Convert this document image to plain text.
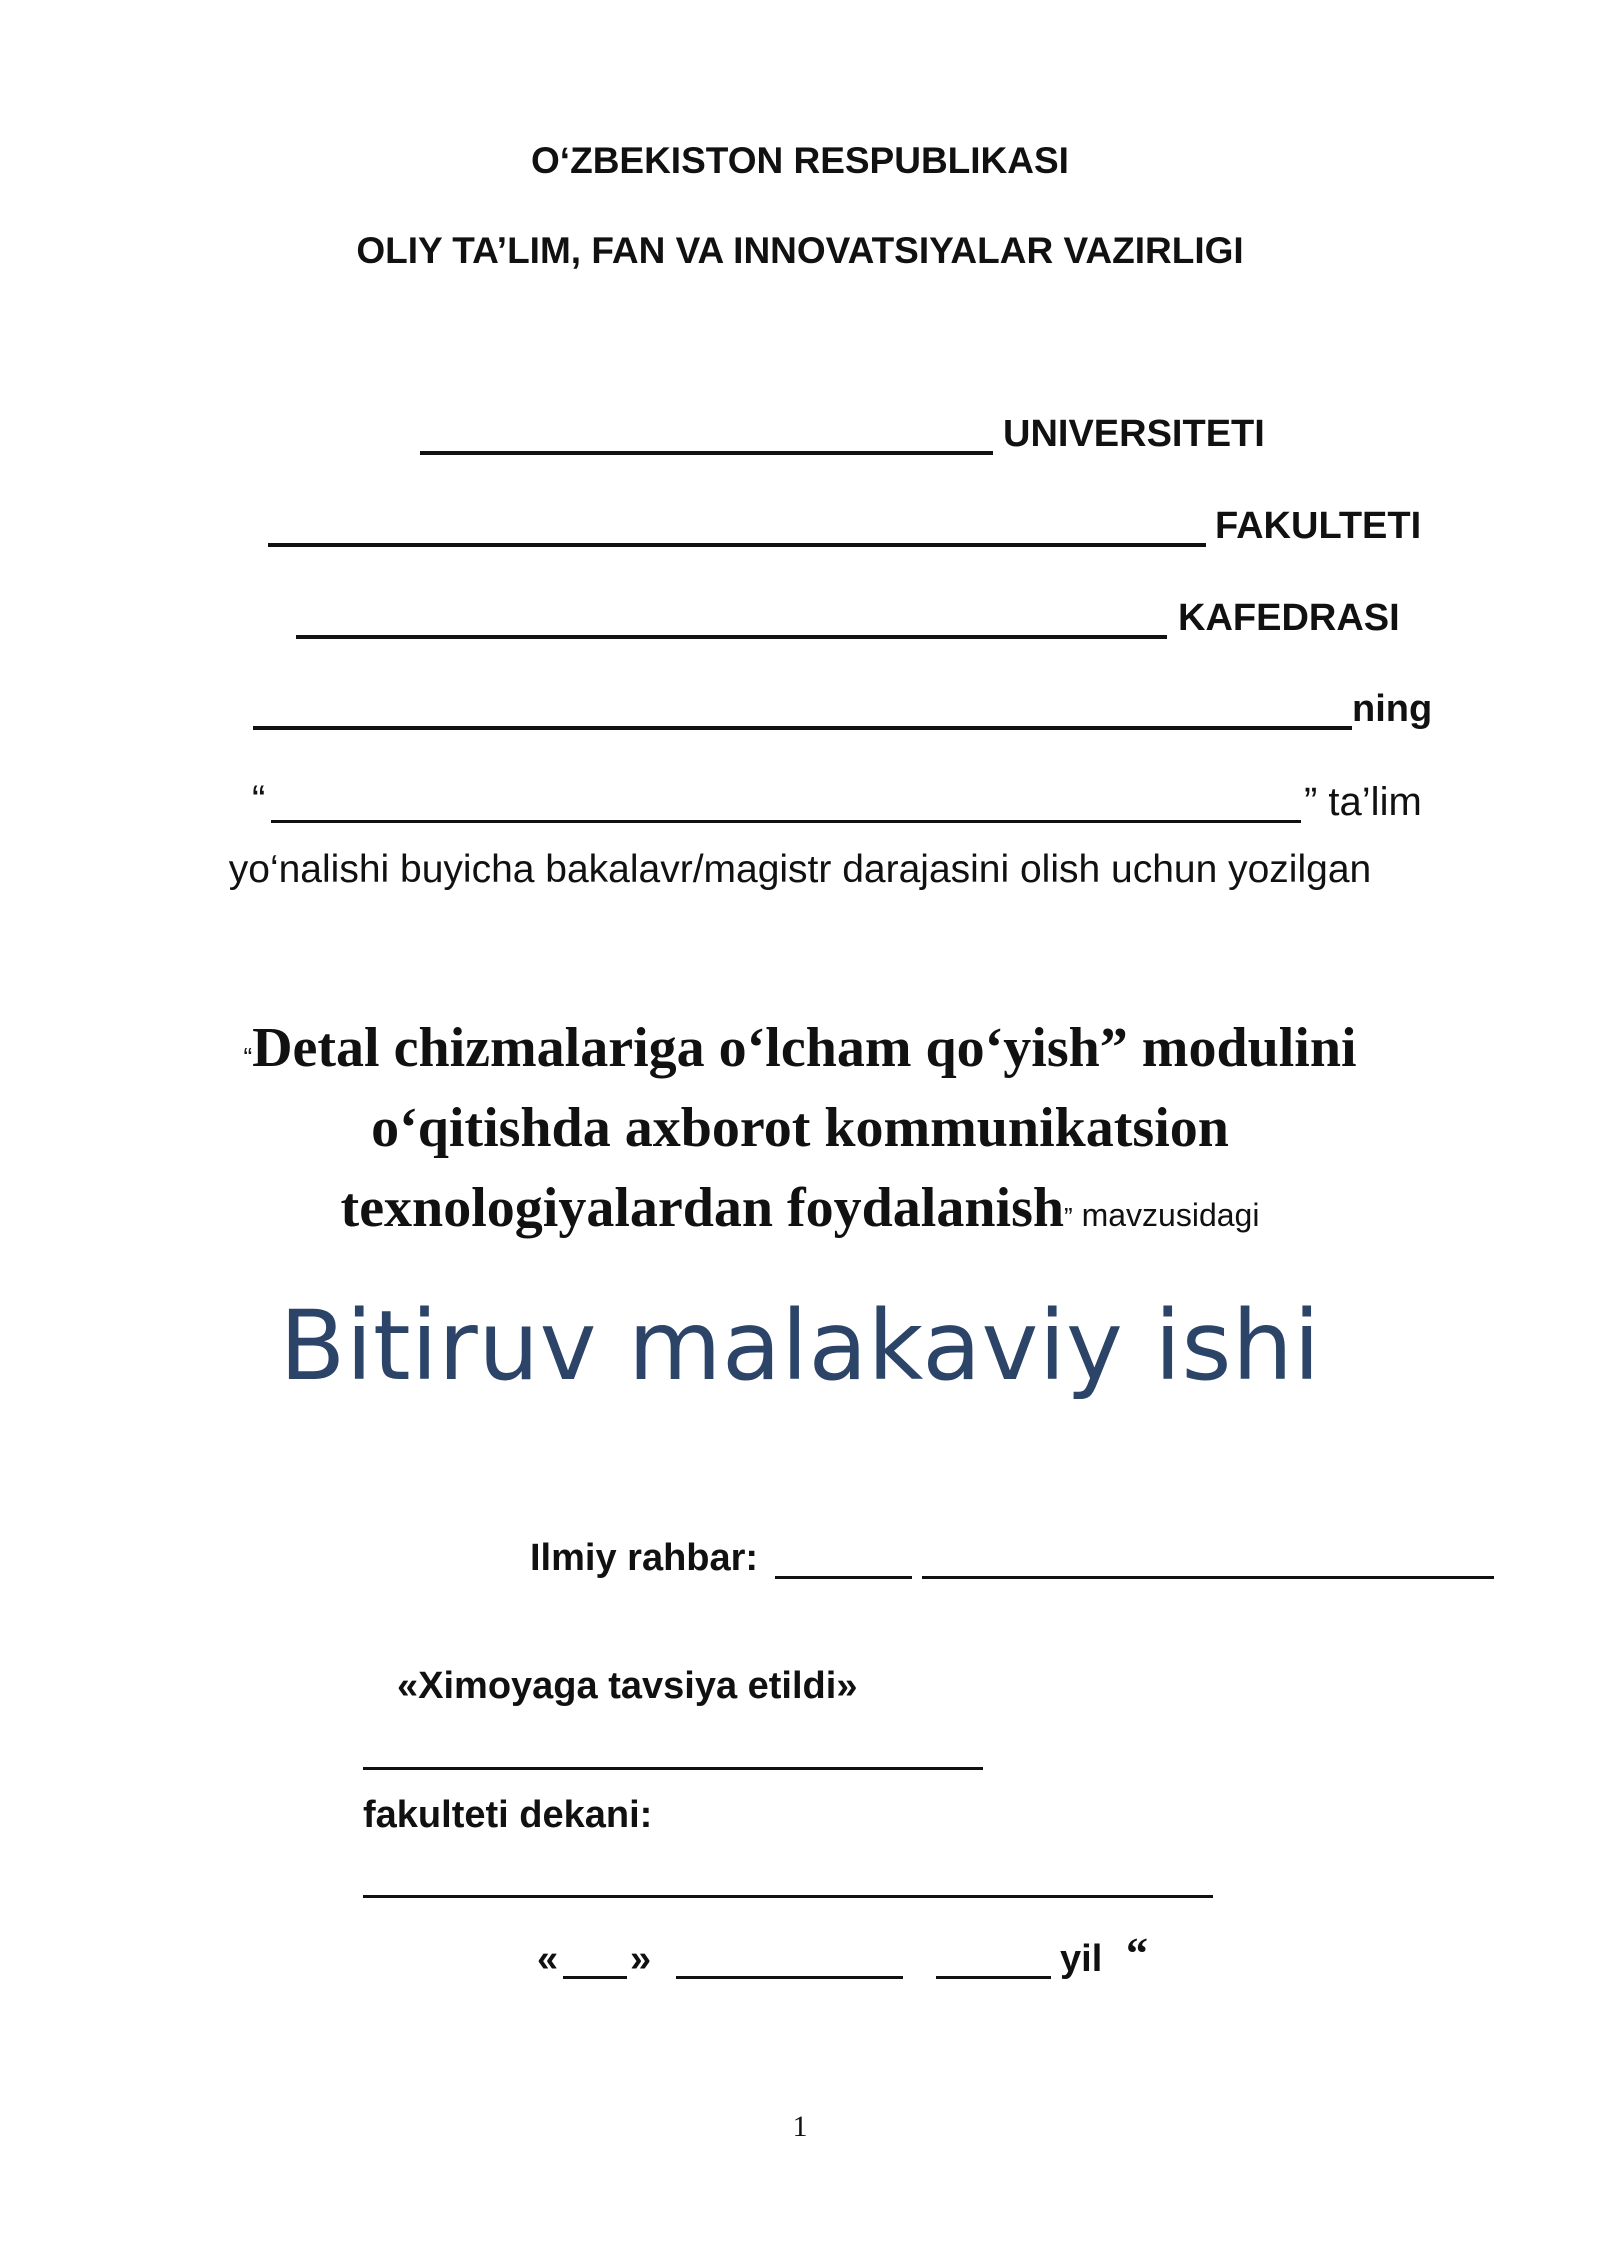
O‘ZBEKISTON RESPUBLIKASI
OLIY TA’LIM, FAN VA INNOVATSIYALAR VAZIRLIGI
UNIVERSITETI
FAKULTETI
KAFEDRASI
ning
“	” ta’lim
yo‘nalishi buyicha bakalavr/magistr darajasini olish uchun yozilgan
“Detal chizmalariga o‘lcham qo‘yish” modulini
o‘qitishda axborot kommunikatsion
texnologiyalardan foydalanish” mavzusidagi
Bitiruv malakaviy ishi
Ilmiy rahbar:
«Ximoyaga tavsiya etildi»
fakulteti dekani:
« »	yil “
1
